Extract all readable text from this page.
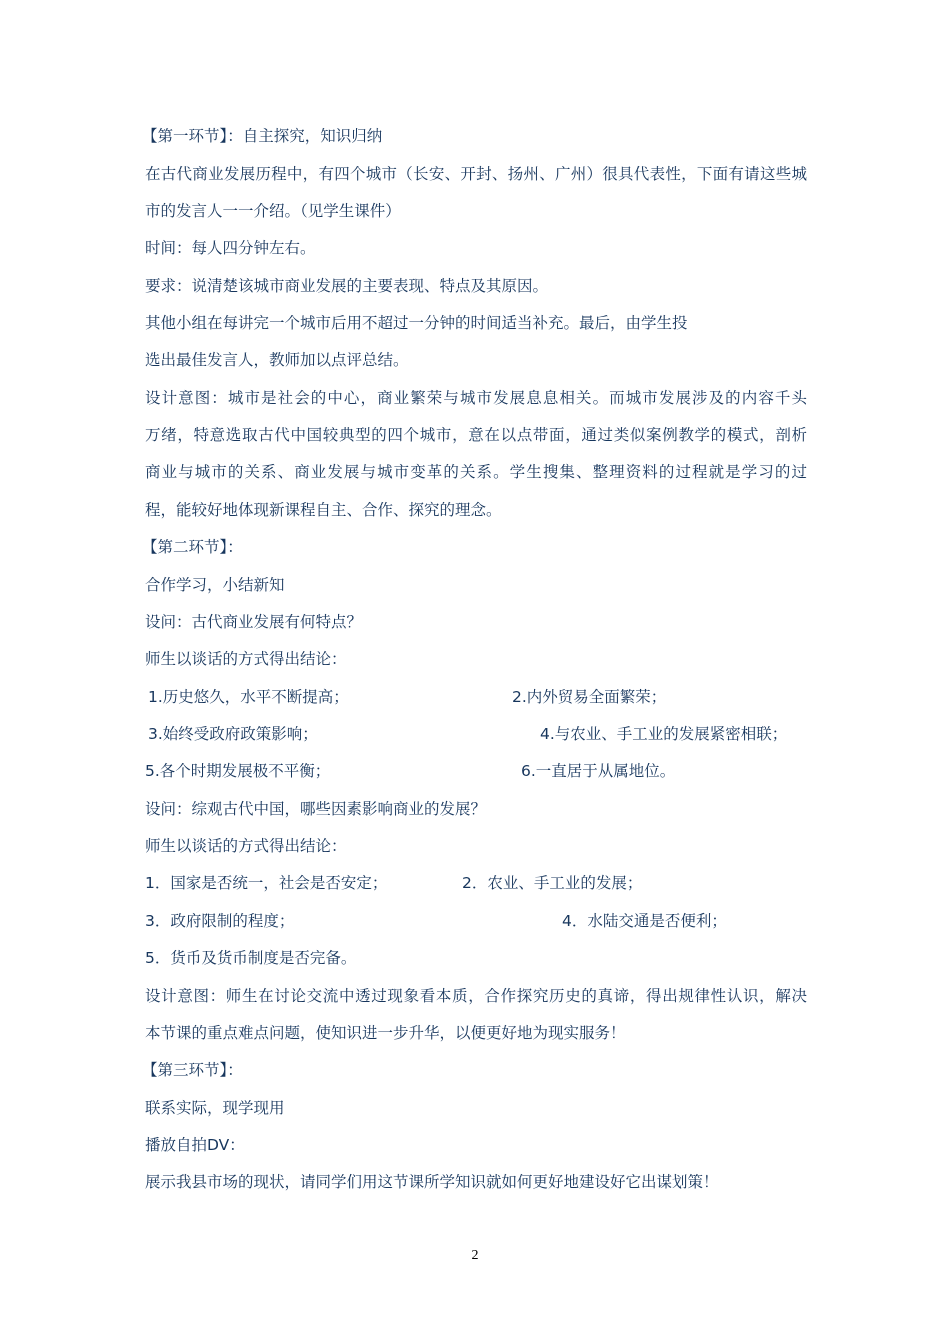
【第一环节】：自主探究，知识归纳
在古代商业发展历程中，有四个城市（长安、开封、扬州、广州）很具代表性，下面有请这些城
市的发言人一一介绍。（见学生课件）
时间：每人四分钟左右。
要求：说清楚该城市商业发展的主要表现、特点及其原因。
其他小组在每讲完一个城市后用不超过一分钟的时间适当补充。最后，由学生投
选出最佳发言人，教师加以点评总结。
设计意图：城市是社会的中心，商业繁荣与城市发展息息相关。而城市发展涉及的内容千头
万绪，特意选取古代中国较典型的四个城市，意在以点带面，通过类似案例教学的模式，剖析
商业与城市的关系、商业发展与城市变革的关系。学生搜集、整理资料的过程就是学习的过
程，能较好地体现新课程自主、合作、探究的理念。
【第二环节】：
合作学习，小结新知
设问：古代商业发展有何特点？
师生以谈话的方式得出结论：
1.历史悠久，水平不断提高；	2.内外贸易全面繁荣；
3.始终受政府政策影响；	4.与农业、手工业的发展紧密相联；
5.各个时期发展极不平衡；	6.一直居于从属地位。
设问：综观古代中国，哪些因素影响商业的发展？
师生以谈话的方式得出结论：
1．国家是否统一，社会是否安定；	2．农业、手工业的发展；
3．政府限制的程度；	4．水陆交通是否便利；
5．货币及货币制度是否完备。
设计意图：师生在讨论交流中透过现象看本质，合作探究历史的真谛，得出规律性认识，解决
本节课的重点难点问题，使知识进一步升华，以便更好地为现实服务！
【第三环节】：
联系实际，现学现用
播放自拍DV：
展示我县市场的现状，请同学们用这节课所学知识就如何更好地建设好它出谋划策！
2
